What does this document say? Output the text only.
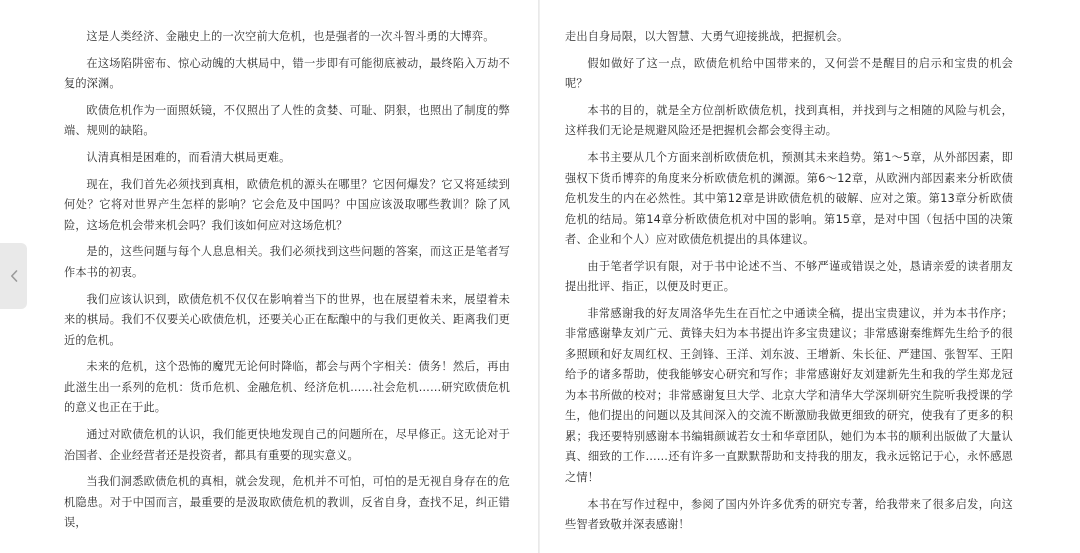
这是人类经济、金融史上的一次空前大危机，也是强者的一次斗智斗勇的大博弈。

在这场陷阱密布、惊心动魄的大棋局中，错一步即有可能彻底被动，最终陷入万劫不复的深渊。

欧债危机作为一面照妖镜，不仅照出了人性的贪婪、可耻、阴狠，也照出了制度的弊端、规则的缺陷。

认清真相是困难的，而看清大棋局更难。

现在，我们首先必须找到真相，欧债危机的源头在哪里？它因何爆发？它又将延续到何处？它将对世界产生怎样的影响？它会危及中国吗？中国应该汲取哪些教训？除了风险，这场危机会带来机会吗？我们该如何应对这场危机？

是的，这些问题与每个人息息相关。我们必须找到这些问题的答案，而这正是笔者写作本书的初衷。

我们应该认识到，欧债危机不仅仅在影响着当下的世界，也在展望着未来，展望着未来的棋局。我们不仅要关心欧债危机，还要关心正在酝酿中的与我们更攸关、距离我们更近的危机。

未来的危机，这个恐怖的魔咒无论何时降临，都会与两个字相关：债务！然后，再由此滋生出一系列的危机：货币危机、金融危机、经济危机……社会危机……研究欧债危机的意义也正在于此。

通过对欧债危机的认识，我们能更快地发现自己的问题所在，尽早修正。这无论对于治国者、企业经营者还是投资者，都具有重要的现实意义。

当我们洞悉欧债危机的真相，就会发现，危机并不可怕，可怕的是无视自身存在的危机隐患。对于中国而言，最重要的是汲取欧债危机的教训，反省自身，查找不足，纠正错误，

走出自身局限，以大智慧、大勇气迎接挑战，把握机会。

假如做好了这一点，欧债危机给中国带来的，又何尝不是醒目的启示和宝贵的机会呢？

本书的目的，就是全方位剖析欧债危机，找到真相，并找到与之相随的风险与机会，这样我们无论是规避风险还是把握机会都会变得主动。

本书主要从几个方面来剖析欧债危机，预测其未来趋势。第1～5章，从外部因素，即强权下货币博弈的角度来分析欧债危机的渊源。第6～12章，从欧洲内部因素来分析欧债危机发生的内在必然性。其中第12章是讲欧债危机的破解、应对之策。第13章分析欧债危机的结局。第14章分析欧债危机对中国的影响。第15章，是对中国（包括中国的决策者、企业和个人）应对欧债危机提出的具体建议。

由于笔者学识有限，对于书中论述不当、不够严谨或错误之处，恳请亲爱的读者朋友提出批评、指正，以便及时更正。

非常感谢我的好友周洛华先生在百忙之中通读全稿，提出宝贵建议，并为本书作序；非常感谢挚友刘广元、黄锋夫妇为本书提出许多宝贵建议；非常感谢秦维辉先生给予的很多照顾和好友周红权、王剑锋、王洋、刘东波、王增新、朱长征、严建国、张智军、王阳给予的诸多帮助，使我能够安心研究和写作；非常感谢好友刘建新先生和我的学生郑龙冠为本书所做的校对；非常感谢复旦大学、北京大学和清华大学深圳研究生院听我授课的学生，他们提出的问题以及其间深入的交流不断激励我做更细致的研究，使我有了更多的积累；我还要特别感谢本书编辑颜诚若女士和华章团队，她们为本书的顺利出版做了大量认真、细致的工作……还有许多一直默默帮助和支持我的朋友，我永远铭记于心，永怀感恩之情！

本书在写作过程中，参阅了国内外许多优秀的研究专著，给我带来了很多启发，向这些智者致敬并深表感谢！
